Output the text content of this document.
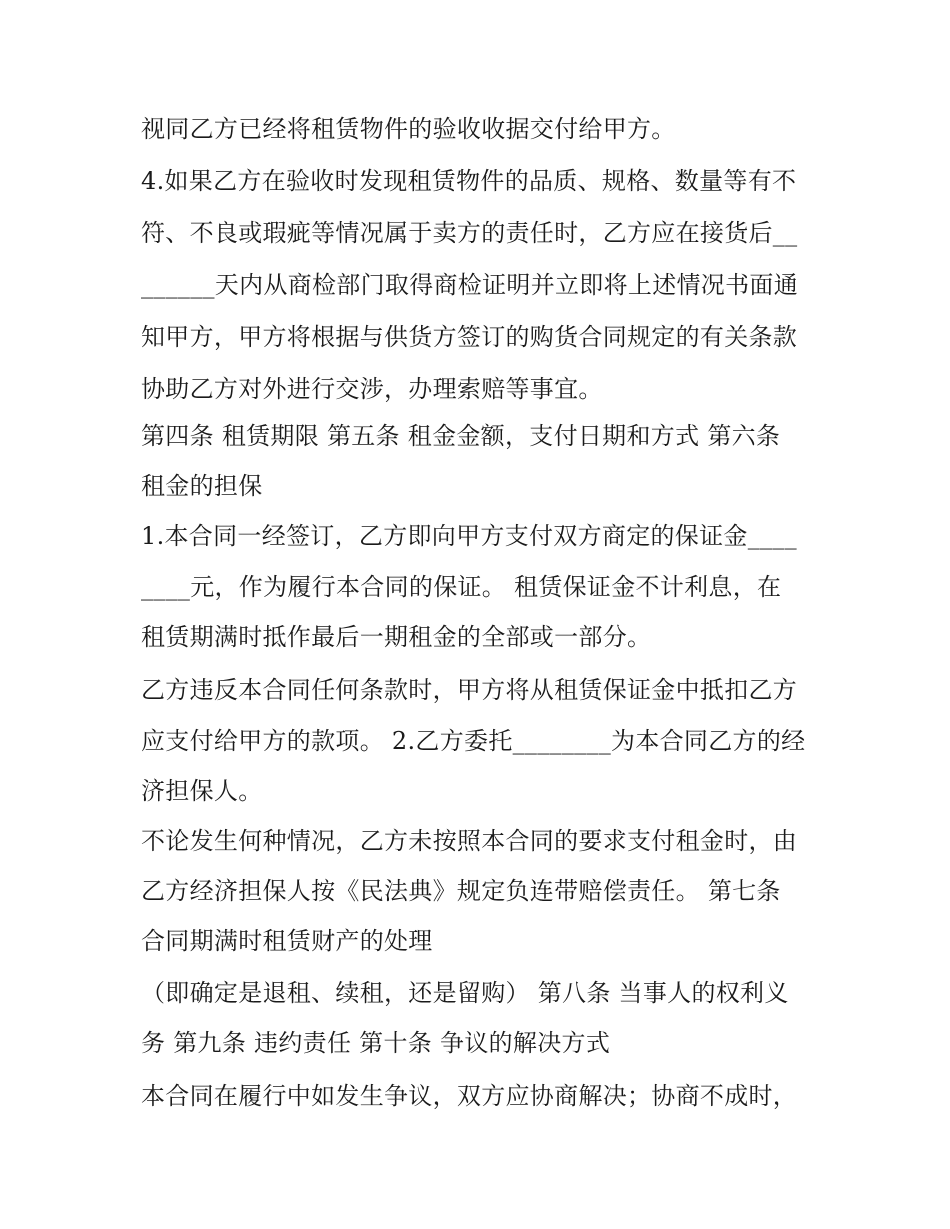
视同乙方已经将租赁物件的验收收据交付给甲方。
4.如果乙方在验收时发现租赁物件的品质、规格、数量等有不
符、不良或瑕疵等情况属于卖方的责任时，乙方应在接货后__
______天内从商检部门取得商检证明并立即将上述情况书面通
知甲方，甲方将根据与供货方签订的购货合同规定的有关条款
协助乙方对外进行交涉，办理索赔等事宜。
第四条 租赁期限 第五条 租金金额，支付日期和方式 第六条
租金的担保
1.本合同一经签订，乙方即向甲方支付双方商定的保证金____
____元，作为履行本合同的保证。 租赁保证金不计利息，在
租赁期满时抵作最后一期租金的全部或一部分。
乙方违反本合同任何条款时，甲方将从租赁保证金中抵扣乙方
应支付给甲方的款项。 2.乙方委托________为本合同乙方的经
济担保人。
不论发生何种情况，乙方未按照本合同的要求支付租金时，由
乙方经济担保人按《民法典》规定负连带赔偿责任。 第七条
合同期满时租赁财产的处理
（即确定是退租、续租，还是留购） 第八条 当事人的权利义
务 第九条 违约责任 第十条 争议的解决方式
本合同在履行中如发生争议，双方应协商解决；协商不成时，
